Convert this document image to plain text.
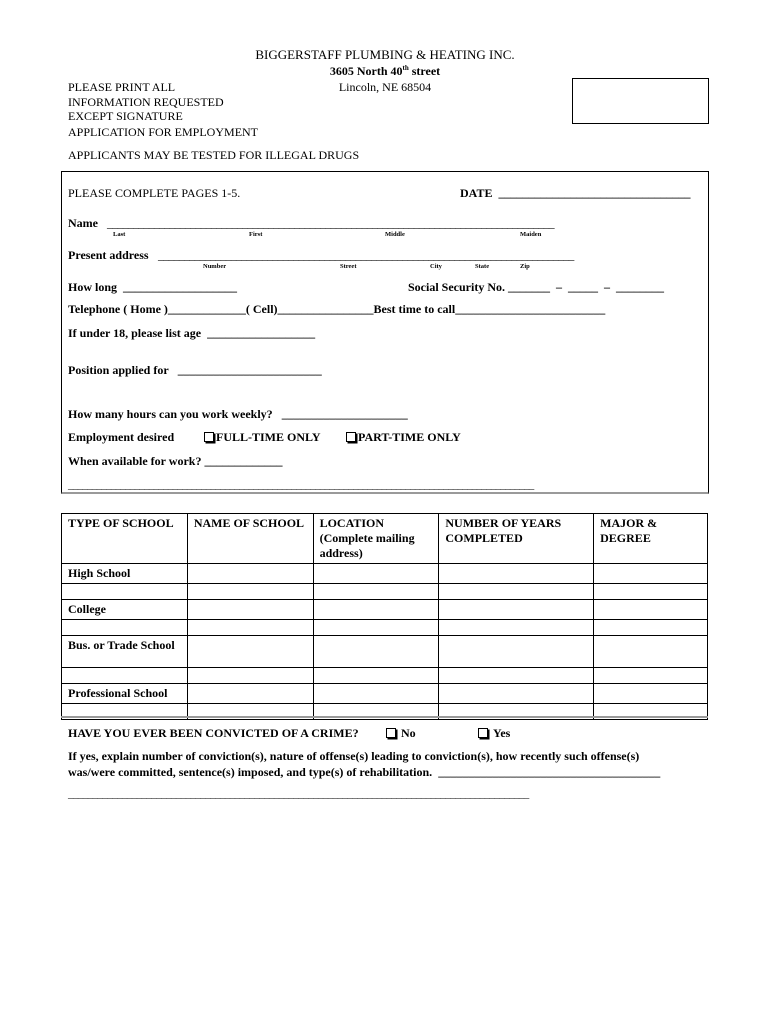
BIGGERSTAFF PLUMBING & HEATING INC.
3605 North 40th street
Lincoln, NE 68504
PLEASE PRINT ALL
INFORMATION REQUESTED
EXCEPT SIGNATURE
APPLICATION FOR EMPLOYMENT
APPLICANTS MAY BE TESTED FOR ILLEGAL DRUGS
PLEASE COMPLETE PAGES 1-5.	DATE ________________________________
Name ______________________________________________________________________________________
Last	First	Middle	Maiden
Present address ________________________________________________________________________________
Number	Street	City	State	Zip
How long ___________________	Social Security No. _______  –  _____  –  ________
Telephone ( Home )_____________( Cell)________________Best time to call_________________________
If under 18, please list age __________________
Position applied for ________________________
How many hours can you work weekly? _____________________
Employment desired	FULL-TIME ONLY	PART-TIME ONLY
When available for work? _____________
__________________________________________________________________________________________________
TYPE OF SCHOOL	NAME OF SCHOOL	LOCATION (Complete mailing address)	NUMBER OF YEARS COMPLETED	MAJOR & DEGREE
High School				

College				

Bus. or Trade School				

Professional School				

HAVE YOU EVER BEEN CONVICTED OF A CRIME?	No	Yes
If yes, explain number of conviction(s), nature of offense(s) leading to conviction(s), how recently such offense(s)
was/were committed, sentence(s) imposed, and type(s) of rehabilitation. _____________________________________
______________________________________________________________________________________________
